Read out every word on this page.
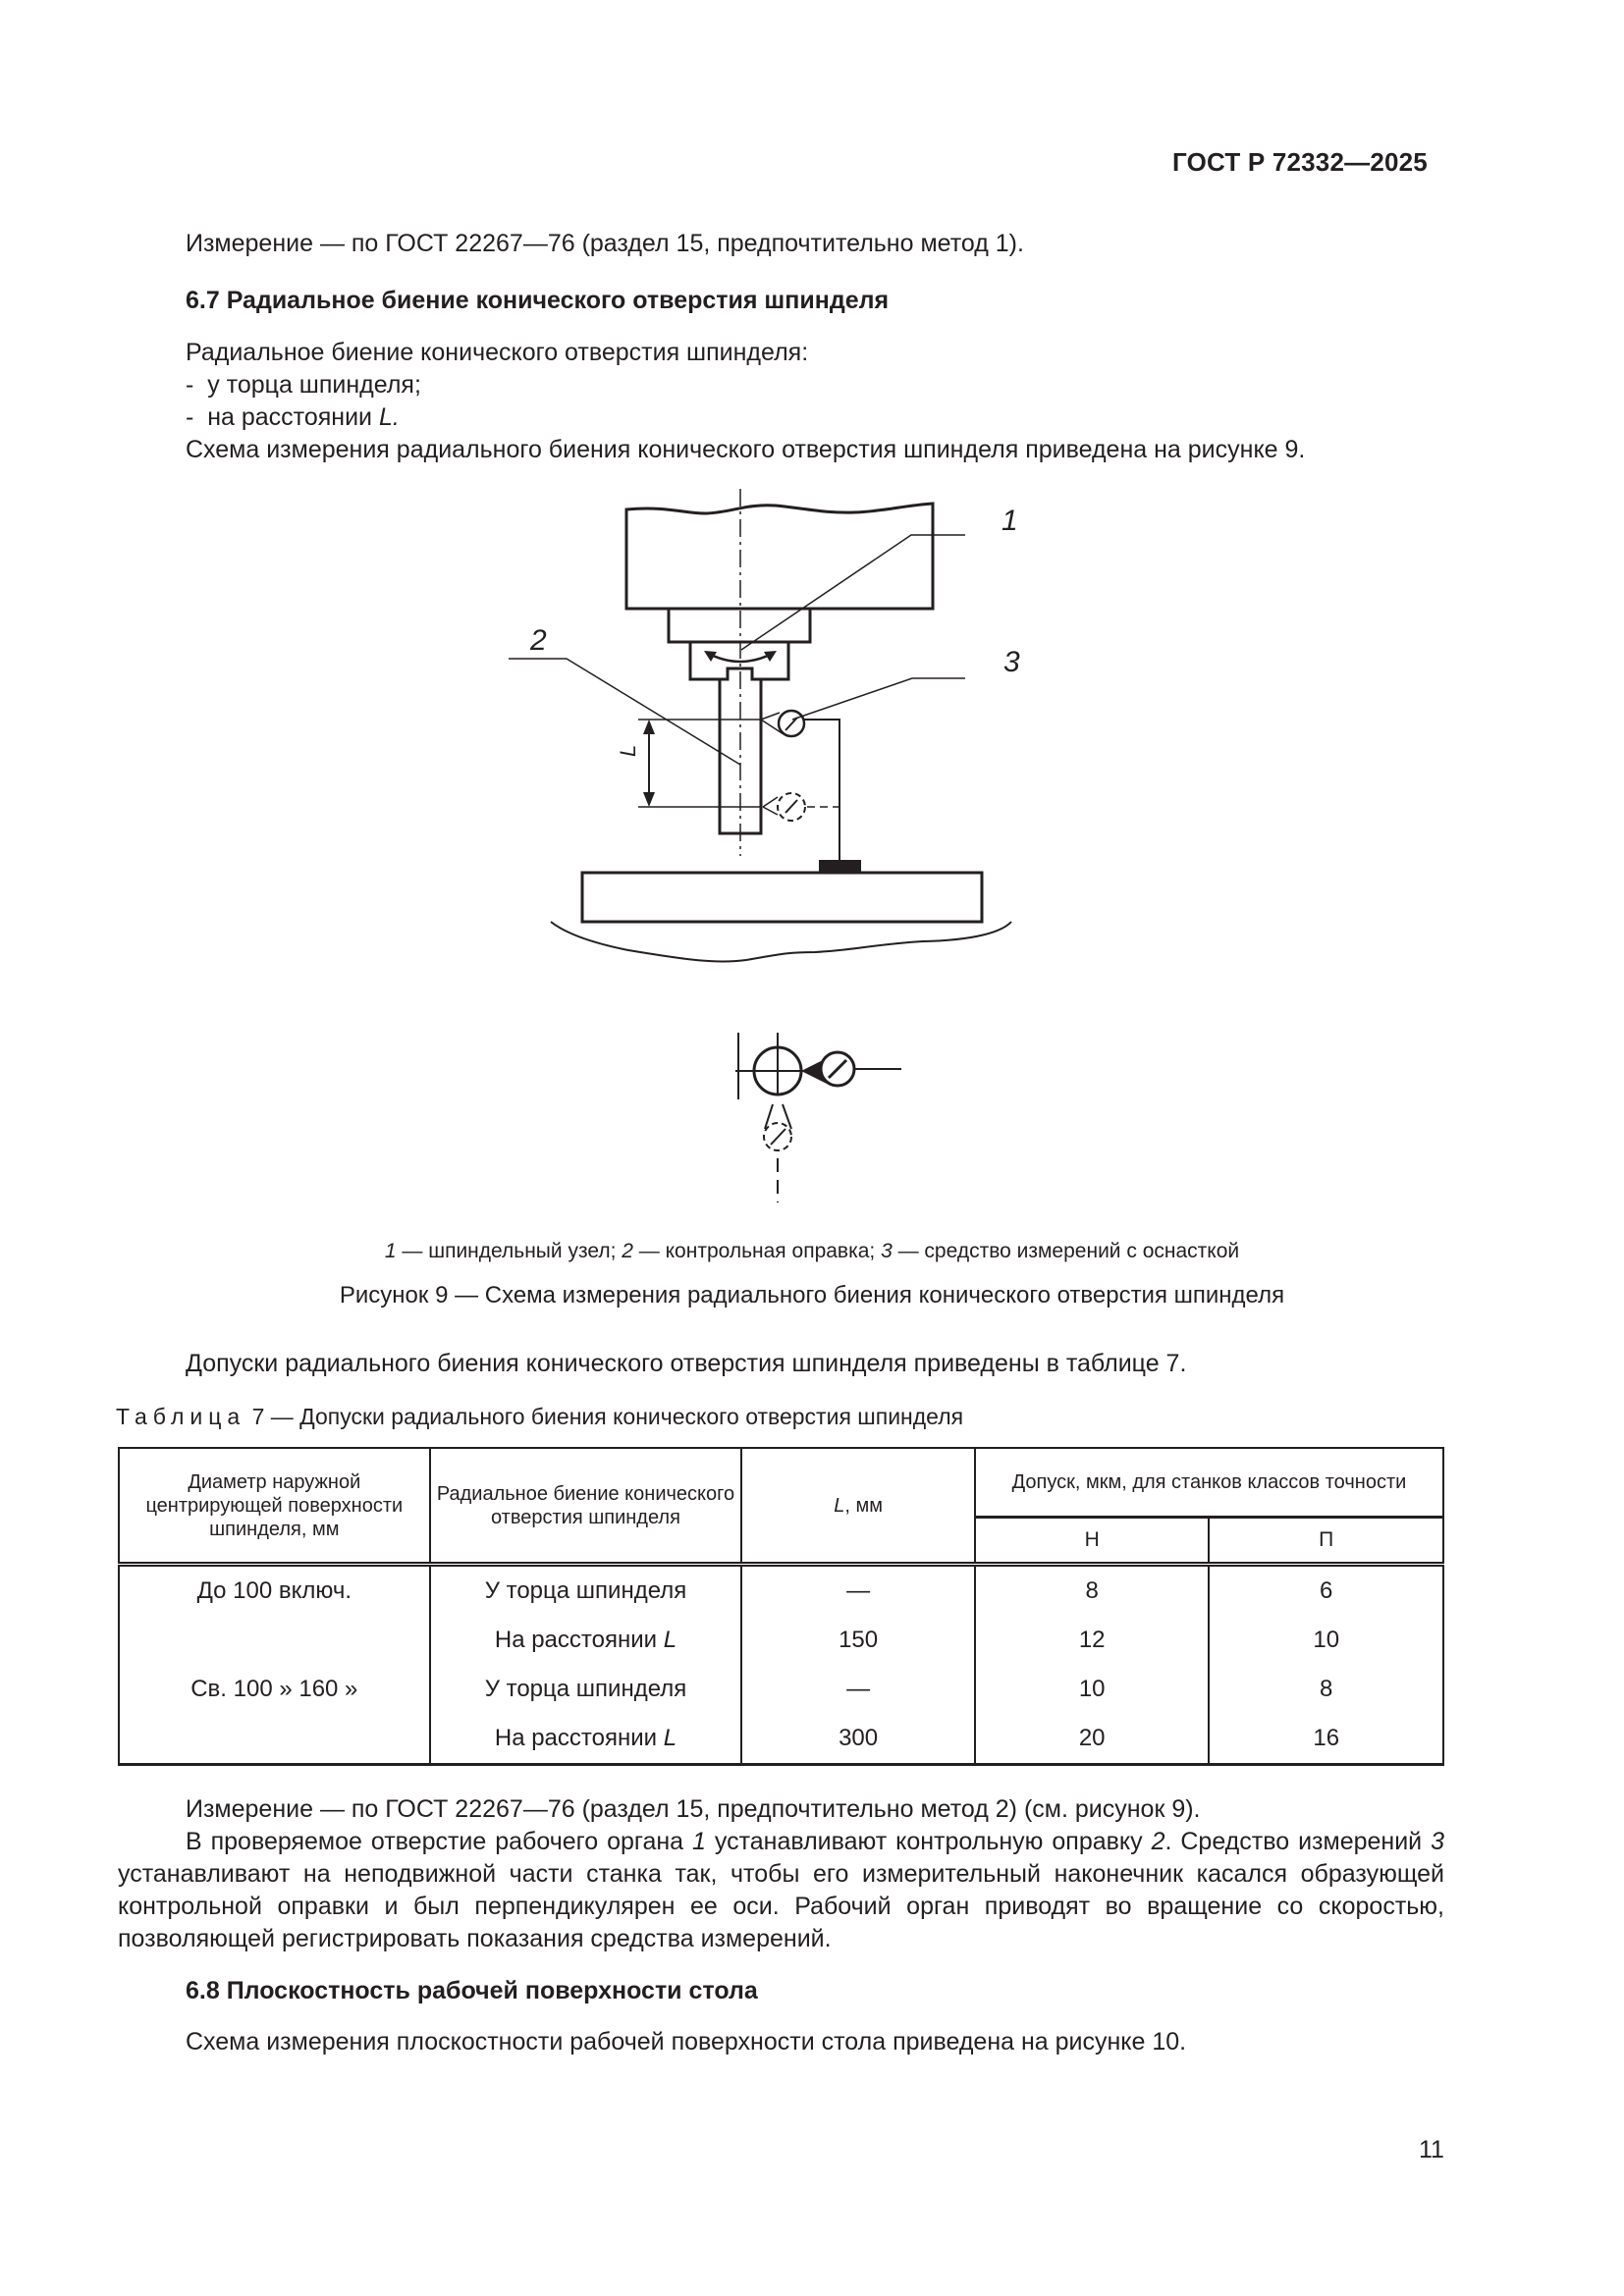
ГОСТ Р 72332—2025
Измерение — по ГОСТ 22267—76 (раздел 15, предпочтительно метод 1).
6.7 Радиальное биение конического отверстия шпинделя
Радиальное биение конического отверстия шпинделя:
-  у торца шпинделя;
-  на расстоянии L.
Схема измерения радиального биения конического отверстия шпинделя приведена на рисунке 9.
1
2
3
L
1 — шпиндельный узел; 2 — контрольная оправка; 3 — средство измерений с оснасткой
Рисунок 9 — Схема измерения радиального биения конического отверстия шпинделя
Допуски радиального биения конического отверстия шпинделя приведены в таблице 7.
Таблица 7 — Допуски радиального биения конического отверстия шпинделя
Диаметр наружной центрирующей поверхности шпинделя, мм	Радиальное биение конического отверстия шпинделя	L, мм	Допуск, мкм, для станков классов точности	
			Н	П
До 100 включ.	У торца шпинделя	—	8	6
	На расстоянии L	150	12	10
Св. 100 » 160 »	У торца шпинделя	—	10	8
	На расстоянии L	300	20	16
Измерение — по ГОСТ 22267—76 (раздел 15, предпочтительно метод 2) (см. рисунок 9).
В проверяемое отверстие рабочего органа 1 устанавливают контрольную оправку 2. Средство измерений 3 устанавливают на неподвижной части станка так, чтобы его измерительный наконечник касался образующей контрольной оправки и был перпендикулярен ее оси. Рабочий орган приводят во вращение со скоростью, позволяющей регистрировать показания средства измерений.
6.8 Плоскостность рабочей поверхности стола
Схема измерения плоскостности рабочей поверхности стола приведена на рисунке 10.
11
